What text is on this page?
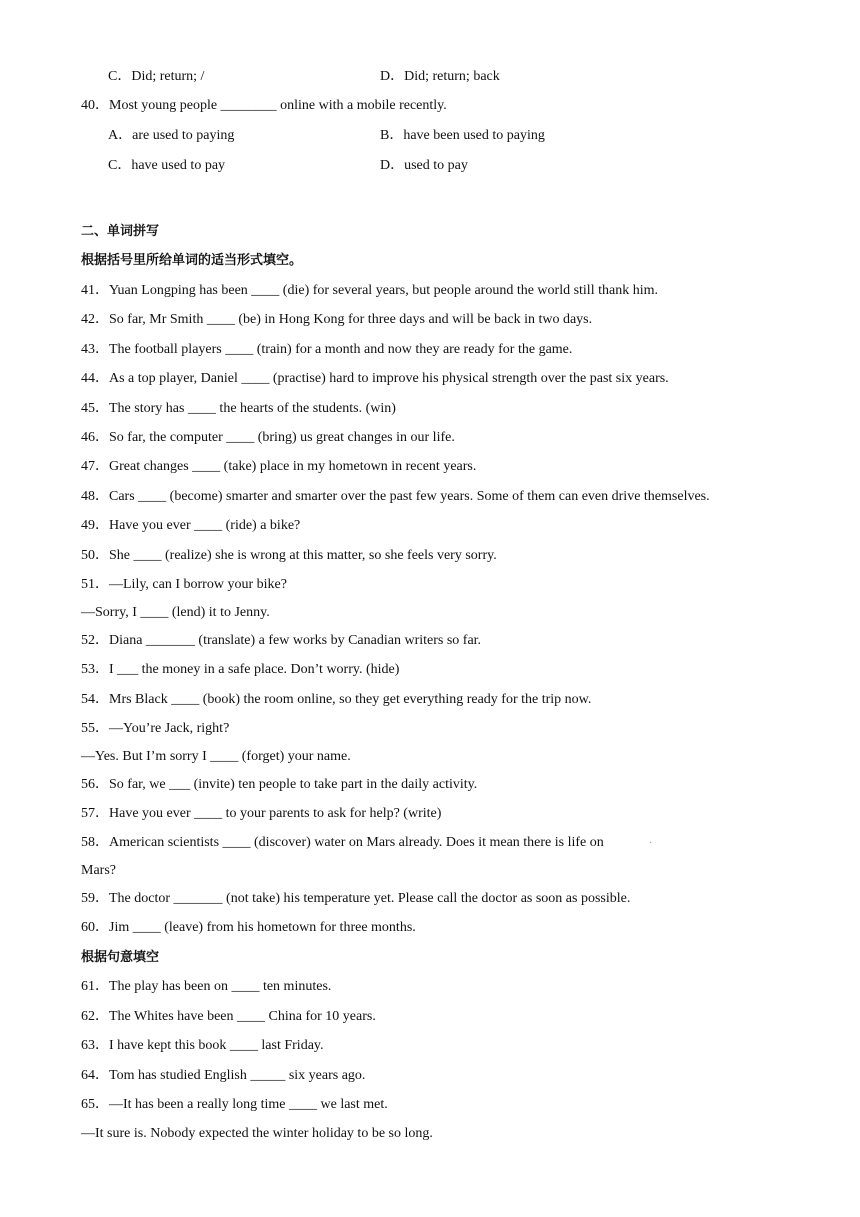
C．Did; return; /	D．Did; return; back
40．Most young people ________ online with a mobile recently.
A．are used to paying	B．have been used to paying
C．have used to pay	D．used to pay
二、单词拼写
根据括号里所给单词的适当形式填空。
41．Yuan Longping has been ____ (die) for several years, but people around the world still thank him.
42．So far, Mr Smith ____ (be) in Hong Kong for three days and will be back in two days.
43．The football players ____ (train) for a month and now they are ready for the game.
44．As a top player, Daniel ____ (practise) hard to improve his physical strength over the past six years.
45．The story has ____ the hearts of the students. (win)
46．So far, the computer ____ (bring) us great changes in our life.
47．Great changes ____ (take) place in my hometown in recent years.
48．Cars ____ (become) smarter and smarter over the past few years. Some of them can even drive themselves.
49．Have you ever ____ (ride) a bike?
50．She ____ (realize) she is wrong at this matter, so she feels very sorry.
51．—Lily, can I borrow your bike?
—Sorry, I ____ (lend) it to Jenny.
52．Diana _______ (translate) a few works by Canadian writers so far.
53．I ___ the money in a safe place. Don’t worry. (hide)
54．Mrs Black ____ (book) the room online, so they get everything ready for the trip now.
55．—You’re Jack, right?
—Yes. But I’m sorry I ____ (forget) your name.
56．So far, we ___ (invite) ten people to take part in the daily activity.
57．Have you ever ____ to your parents to ask for help? (write)
58．American scientists ____ (discover) water on Mars already. Does it mean there is life on	·
Mars?
59．The doctor _______ (not take) his temperature yet. Please call the doctor as soon as possible.
60．Jim ____ (leave) from his hometown for three months.
根据句意填空
61．The play has been on ____ ten minutes.
62．The Whites have been ____ China for 10 years.
63．I have kept this book ____ last Friday.
64．Tom has studied English _____ six years ago.
65．—It has been a really long time ____ we last met.
—It sure is. Nobody expected the winter holiday to be so long.
